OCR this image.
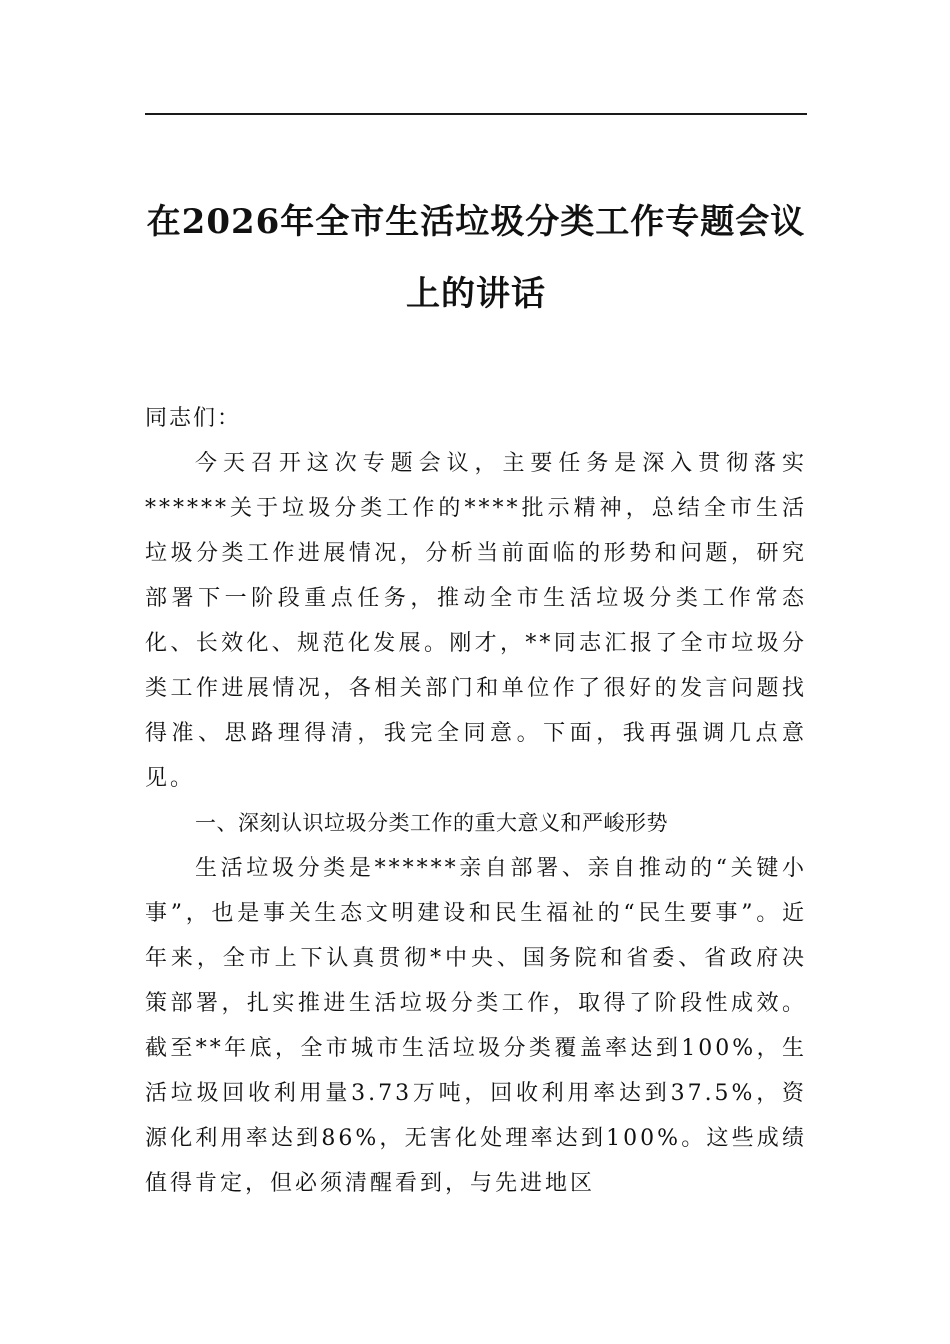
在2026年全市生活垃圾分类工作专题会议
上的讲话

同志们：

今天召开这次专题会议，主要任务是深入贯彻落实******关于垃圾分类工作的****批示精神，总结全市生活垃圾分类工作进展情况，分析当前面临的形势和问题，研究部署下一阶段重点任务，推动全市生活垃圾分类工作常态化、长效化、规范化发展。刚才，**同志汇报了全市垃圾分类工作进展情况，各相关部门和单位作了很好的发言问题找得准、思路理得清，我完全同意。下面，我再强调几点意见。

一、深刻认识垃圾分类工作的重大意义和严峻形势

生活垃圾分类是******亲自部署、亲自推动的“关键小事”，也是事关生态文明建设和民生福祉的“民生要事”。近年来，全市上下认真贯彻*中央、国务院和省委、省政府决策部署，扎实推进生活垃圾分类工作，取得了阶段性成效。截至**年底，全市城市生活垃圾分类覆盖率达到100%，生活垃圾回收利用量3.73万吨，回收利用率达到37.5%，资源化利用率达到86%，无害化处理率达到100%。这些成绩值得肯定，但必须清醒看到，与先进地区
